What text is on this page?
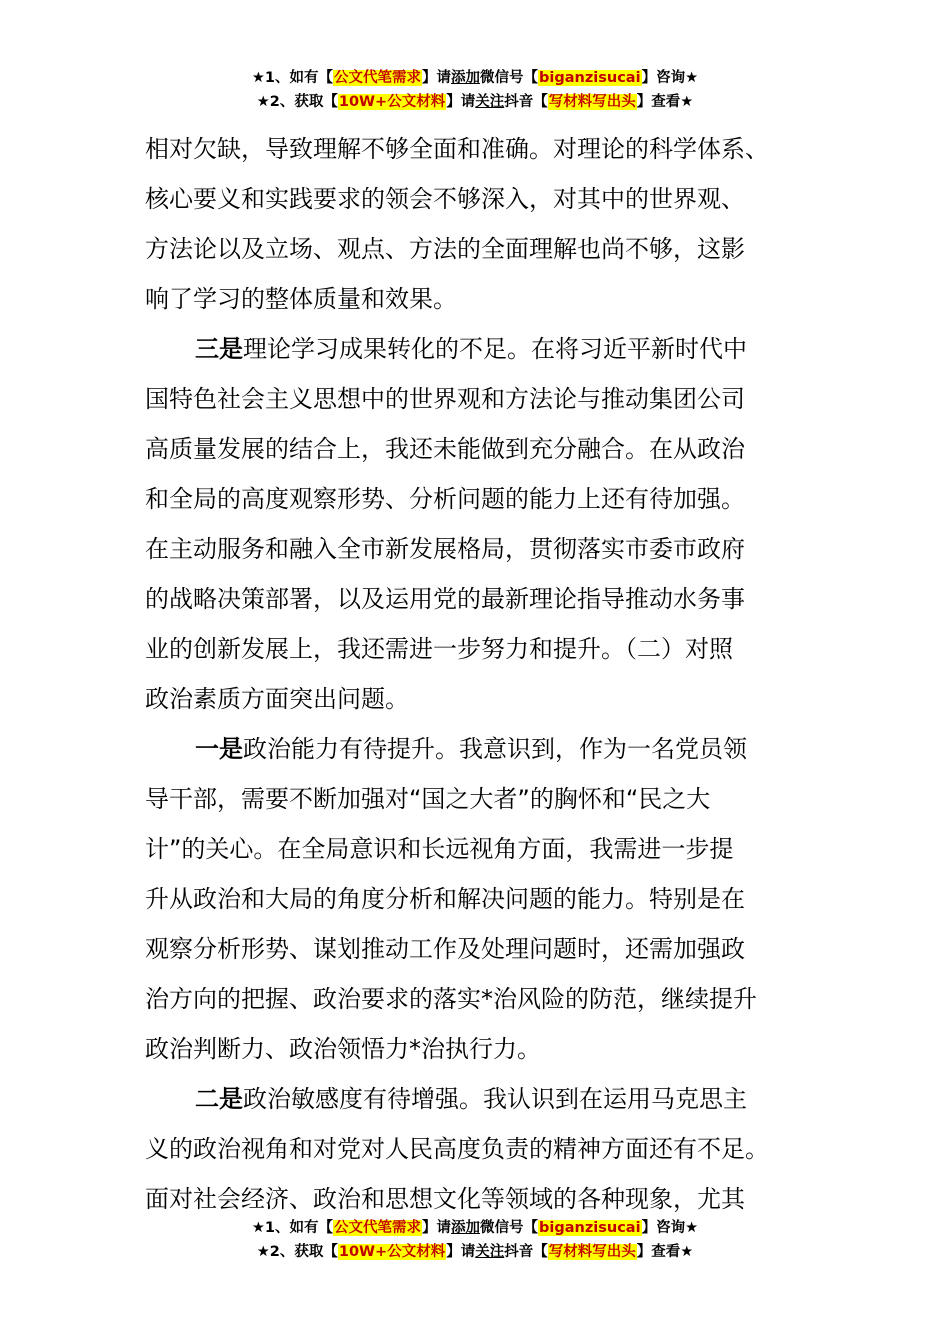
★1、如有【公文代笔需求】请添加微信号【biganzisucai】咨询★
★2、获取【10W+公文材料】请关注抖音【写材料写出头】查看★
相对欠缺，导致理解不够全面和准确。对理论的科学体系、
核心要义和实践要求的领会不够深入，对其中的世界观、
方法论以及立场、观点、方法的全面理解也尚不够，这影
响了学习的整体质量和效果。
三是理论学习成果转化的不足。在将习近平新时代中
国特色社会主义思想中的世界观和方法论与推动集团公司
高质量发展的结合上，我还未能做到充分融合。在从政治
和全局的高度观察形势、分析问题的能力上还有待加强。
在主动服务和融入全市新发展格局，贯彻落实市委市政府
的战略决策部署，以及运用党的最新理论指导推动水务事
业的创新发展上，我还需进一步努力和提升。（二）对照
政治素质方面突出问题。
一是政治能力有待提升。我意识到，作为一名党员领
导干部，需要不断加强对“国之大者”的胸怀和“民之大
计”的关心。在全局意识和长远视角方面，我需进一步提
升从政治和大局的角度分析和解决问题的能力。特别是在
观察分析形势、谋划推动工作及处理问题时，还需加强政
治方向的把握、政治要求的落实*治风险的防范，继续提升
政治判断力、政治领悟力*治执行力。
二是政治敏感度有待增强。我认识到在运用马克思主
义的政治视角和对党对人民高度负责的精神方面还有不足。
面对社会经济、政治和思想文化等领域的各种现象，尤其
★1、如有【公文代笔需求】请添加微信号【biganzisucai】咨询★
★2、获取【10W+公文材料】请关注抖音【写材料写出头】查看★
